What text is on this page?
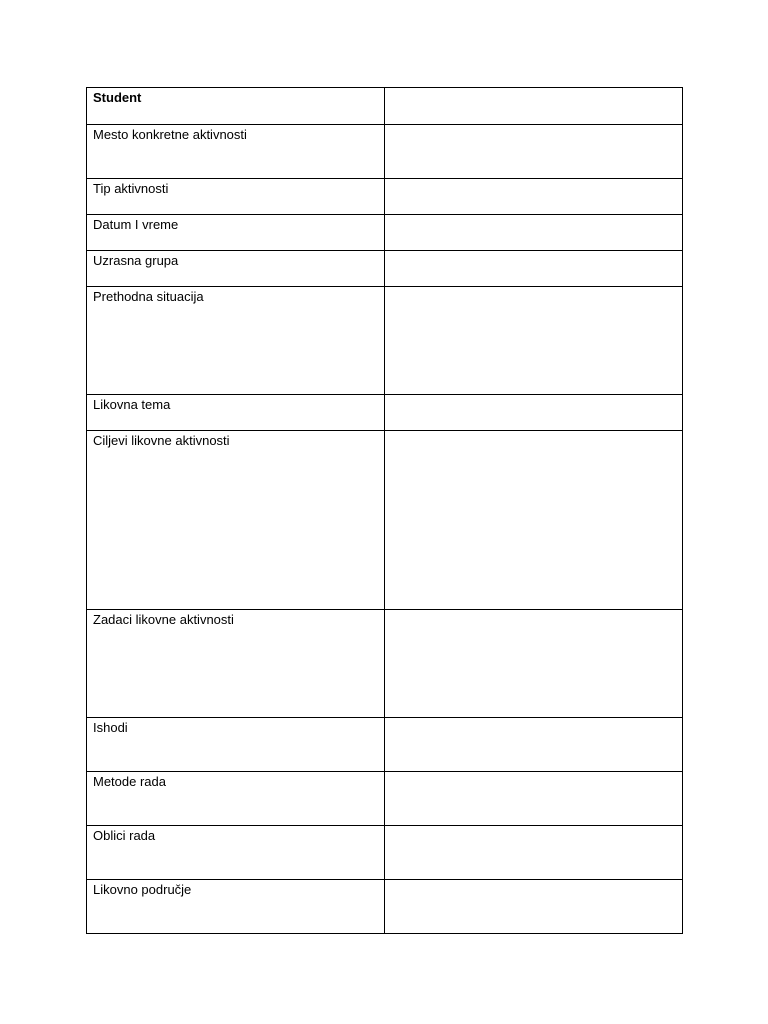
Student	
Mesto konkretne aktivnosti	
Tip aktivnosti	
Datum I vreme	
Uzrasna grupa	
Prethodna situacija	
Likovna tema	
Ciljevi likovne aktivnosti	
Zadaci likovne aktivnosti	
Ishodi	
Metode rada	
Oblici rada	
Likovno područje	
